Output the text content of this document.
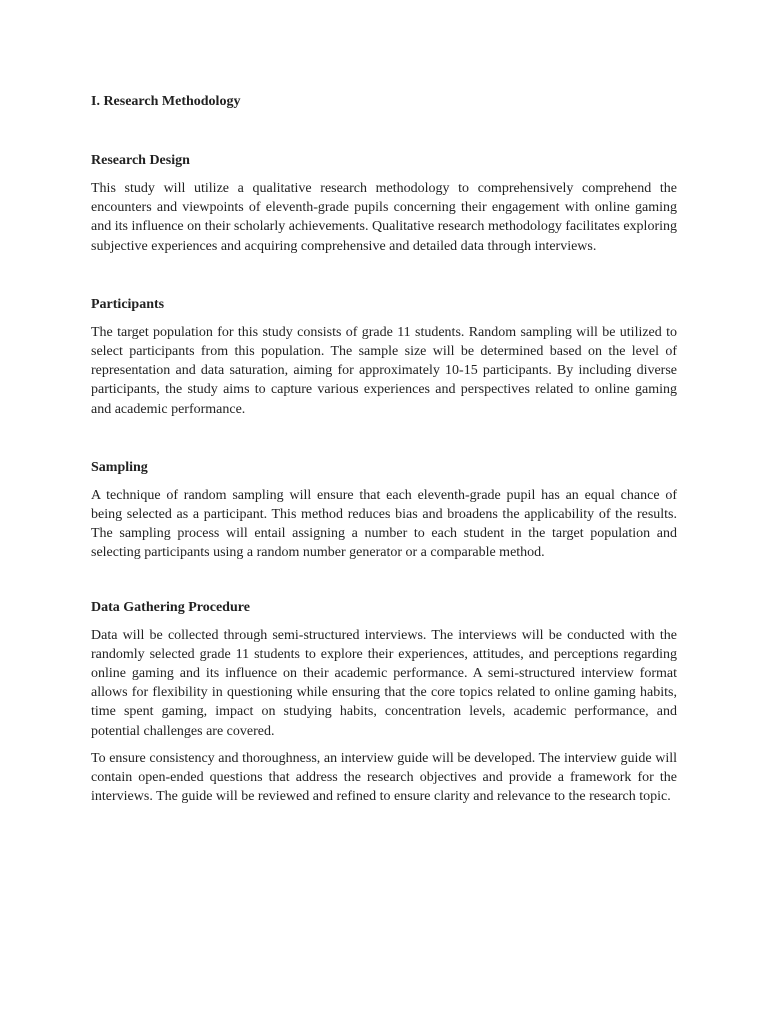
I. Research Methodology
Research Design

This study will utilize a qualitative research methodology to comprehensively comprehend the encounters and viewpoints of eleventh-grade pupils concerning their engagement with online gaming and its influence on their scholarly achievements. Qualitative research methodology facilitates exploring subjective experiences and acquiring comprehensive and detailed data through interviews.

Participants

The target population for this study consists of grade 11 students. Random sampling will be utilized to select participants from this population. The sample size will be determined based on the level of representation and data saturation, aiming for approximately 10-15 participants. By including diverse participants, the study aims to capture various experiences and perspectives related to online gaming and academic performance.

Sampling

A technique of random sampling will ensure that each eleventh-grade pupil has an equal chance of being selected as a participant. This method reduces bias and broadens the applicability of the results. The sampling process will entail assigning a number to each student in the target population and selecting participants using a random number generator or a comparable method.

Data Gathering Procedure

Data will be collected through semi-structured interviews. The interviews will be conducted with the randomly selected grade 11 students to explore their experiences, attitudes, and perceptions regarding online gaming and its influence on their academic performance. A semi-structured interview format allows for flexibility in questioning while ensuring that the core topics related to online gaming habits, time spent gaming, impact on studying habits, concentration levels, academic performance, and potential challenges are covered.

To ensure consistency and thoroughness, an interview guide will be developed. The interview guide will contain open-ended questions that address the research objectives and provide a framework for the interviews. The guide will be reviewed and refined to ensure clarity and relevance to the research topic.
